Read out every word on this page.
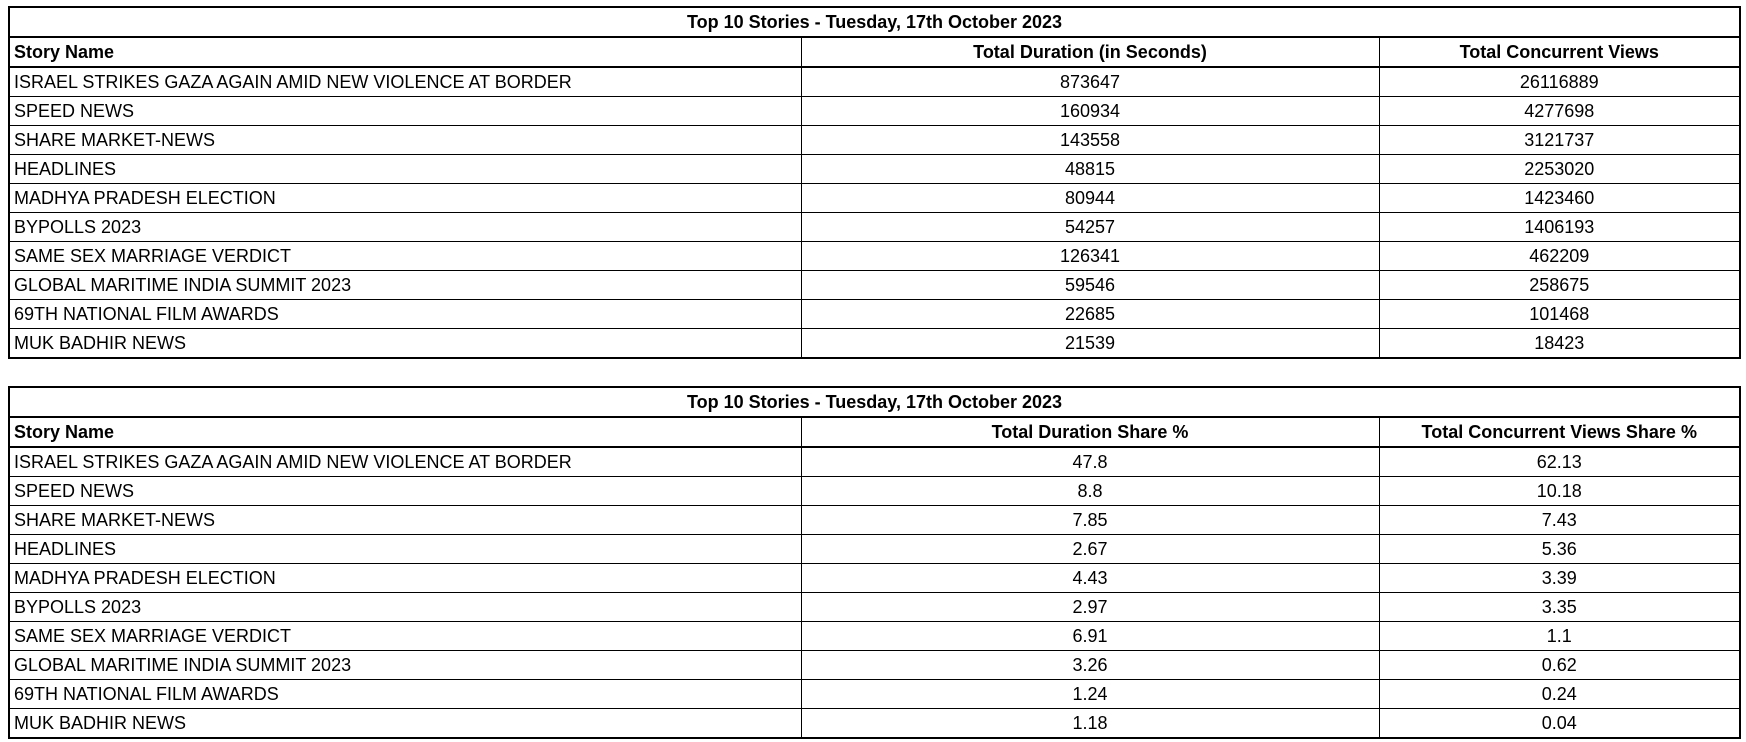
Top 10 Stories - Tuesday, 17th October 2023		
Story Name	Total Duration (in Seconds)	Total Concurrent Views
ISRAEL STRIKES GAZA AGAIN AMID NEW VIOLENCE AT BORDER	873647	26116889
SPEED NEWS	160934	4277698
SHARE MARKET-NEWS	143558	3121737
HEADLINES	48815	2253020
MADHYA PRADESH ELECTION	80944	1423460
BYPOLLS 2023	54257	1406193
SAME SEX MARRIAGE VERDICT	126341	462209
GLOBAL MARITIME INDIA SUMMIT 2023	59546	258675
69TH NATIONAL FILM AWARDS	22685	101468
MUK BADHIR NEWS	21539	18423
Top 10 Stories - Tuesday, 17th October 2023		
Story Name	Total Duration Share %	Total Concurrent Views Share %
ISRAEL STRIKES GAZA AGAIN AMID NEW VIOLENCE AT BORDER	47.8	62.13
SPEED NEWS	8.8	10.18
SHARE MARKET-NEWS	7.85	7.43
HEADLINES	2.67	5.36
MADHYA PRADESH ELECTION	4.43	3.39
BYPOLLS 2023	2.97	3.35
SAME SEX MARRIAGE VERDICT	6.91	1.1
GLOBAL MARITIME INDIA SUMMIT 2023	3.26	0.62
69TH NATIONAL FILM AWARDS	1.24	0.24
MUK BADHIR NEWS	1.18	0.04
